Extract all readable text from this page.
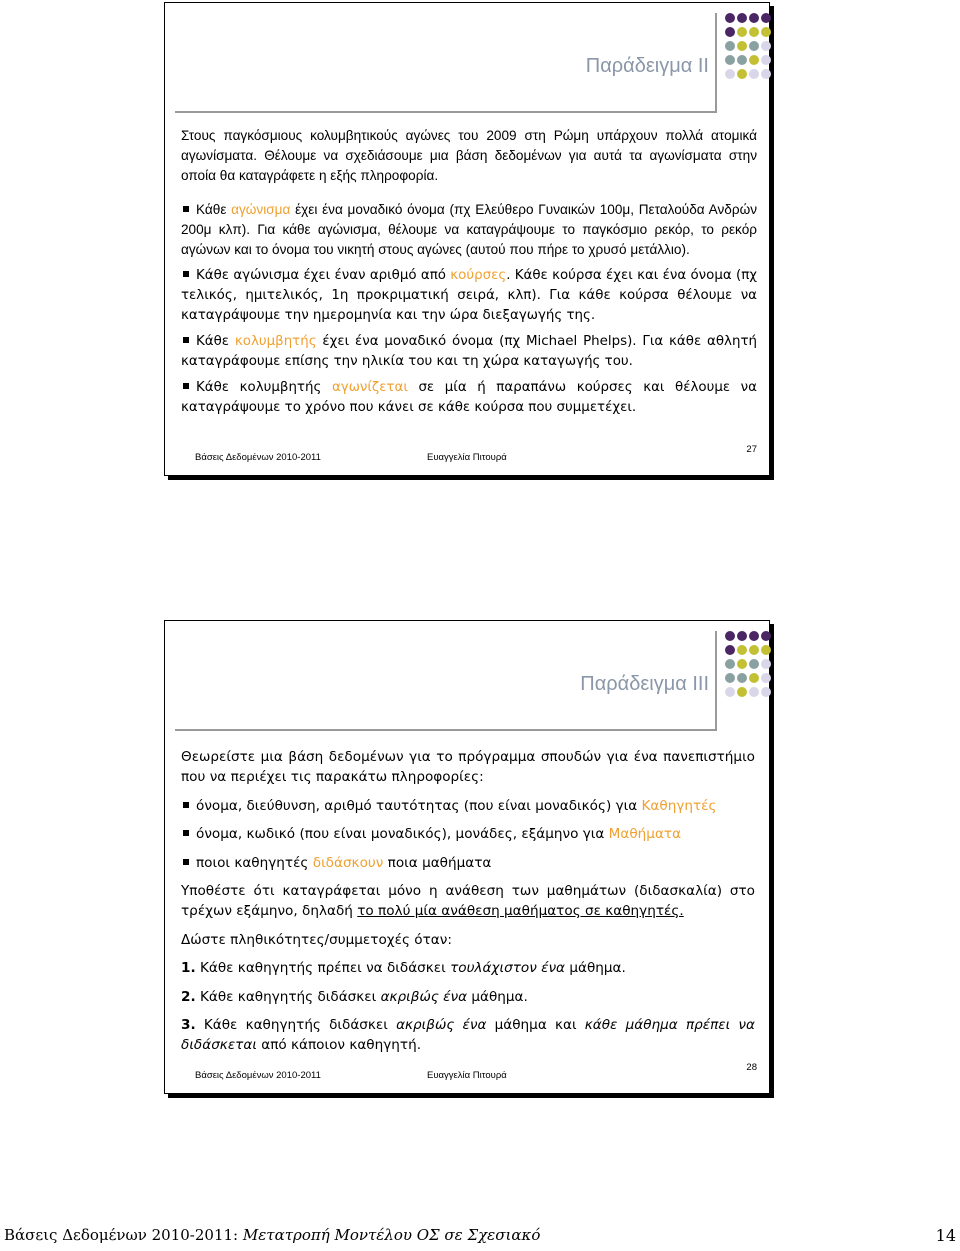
Παράδειγμα ΙΙ

Στους παγκόσμιους κολυμβητικούς αγώνες του 2009 στη Ρώμη υπάρχουν πολλά ατομικά αγωνίσματα. Θέλουμε να σχεδιάσουμε μια βάση δεδομένων για αυτά τα αγωνίσματα στην οποία θα καταγράφετε η εξής πληροφορία.

Κάθε αγώνισμα έχει ένα μοναδικό όνομα (πχ Ελεύθερο Γυναικών 100μ, Πεταλούδα Ανδρών 200μ κλπ). Για κάθε αγώνισμα, θέλουμε να καταγράψουμε το παγκόσμιο ρεκόρ, το ρεκόρ αγώνων και το όνομα του νικητή στους αγώνες (αυτού που πήρε το χρυσό μετάλλιο).

Κάθε αγώνισμα έχει έναν αριθμό από κούρσες. Κάθε κούρσα έχει και ένα όνομα (πχ τελικός, ημιτελικός, 1η προκριματική σειρά, κλπ). Για κάθε κούρσα θέλουμε να καταγράψουμε την ημερομηνία και την ώρα διεξαγωγής της.

Κάθε κολυμβητής έχει ένα μοναδικό όνομα (πχ Michael Phelps). Για κάθε αθλητή καταγράφουμε επίσης την ηλικία του και τη χώρα καταγωγής του.

Κάθε κολυμβητής αγωνίζεται σε μία ή παραπάνω κούρσες και θέλουμε να καταγράψουμε το χρόνο που κάνει σε κάθε κούρσα που συμμετέχει.

Βάσεις Δεδομένων 2010-2011	Ευαγγελία Πιτουρά
27
Παράδειγμα ΙΙΙ

Θεωρείστε μια βάση δεδομένων για το πρόγραμμα σπουδών για ένα πανεπιστήμιο που να περιέχει τις παρακάτω πληροφορίες:

όνομα, διεύθυνση, αριθμό ταυτότητας (που είναι μοναδικός) για Καθηγητές

όνομα, κωδικό (που είναι μοναδικός), μονάδες, εξάμηνο για Μαθήματα

ποιοι καθηγητές διδάσκουν ποια μαθήματα

Υποθέστε ότι καταγράφεται μόνο η ανάθεση των μαθημάτων (διδασκαλία) στο τρέχων εξάμηνο, δηλαδή το πολύ μία ανάθεση μαθήματος σε καθηγητές.

Δώστε πληθικότητες/συμμετοχές όταν:

1. Κάθε καθηγητής πρέπει να διδάσκει τουλάχιστον ένα μάθημα.

2. Κάθε καθηγητής διδάσκει ακριβώς ένα μάθημα.

3. Κάθε καθηγητής διδάσκει ακριβώς ένα μάθημα και κάθε μάθημα πρέπει να διδάσκεται από κάποιον καθηγητή.

Βάσεις Δεδομένων 2010-2011	Ευαγγελία Πιτουρά
28
Βάσεις Δεδομένων 2010-2011: Μετατροπή Μοντέλου ΟΣ σε Σχεσιακό	14
